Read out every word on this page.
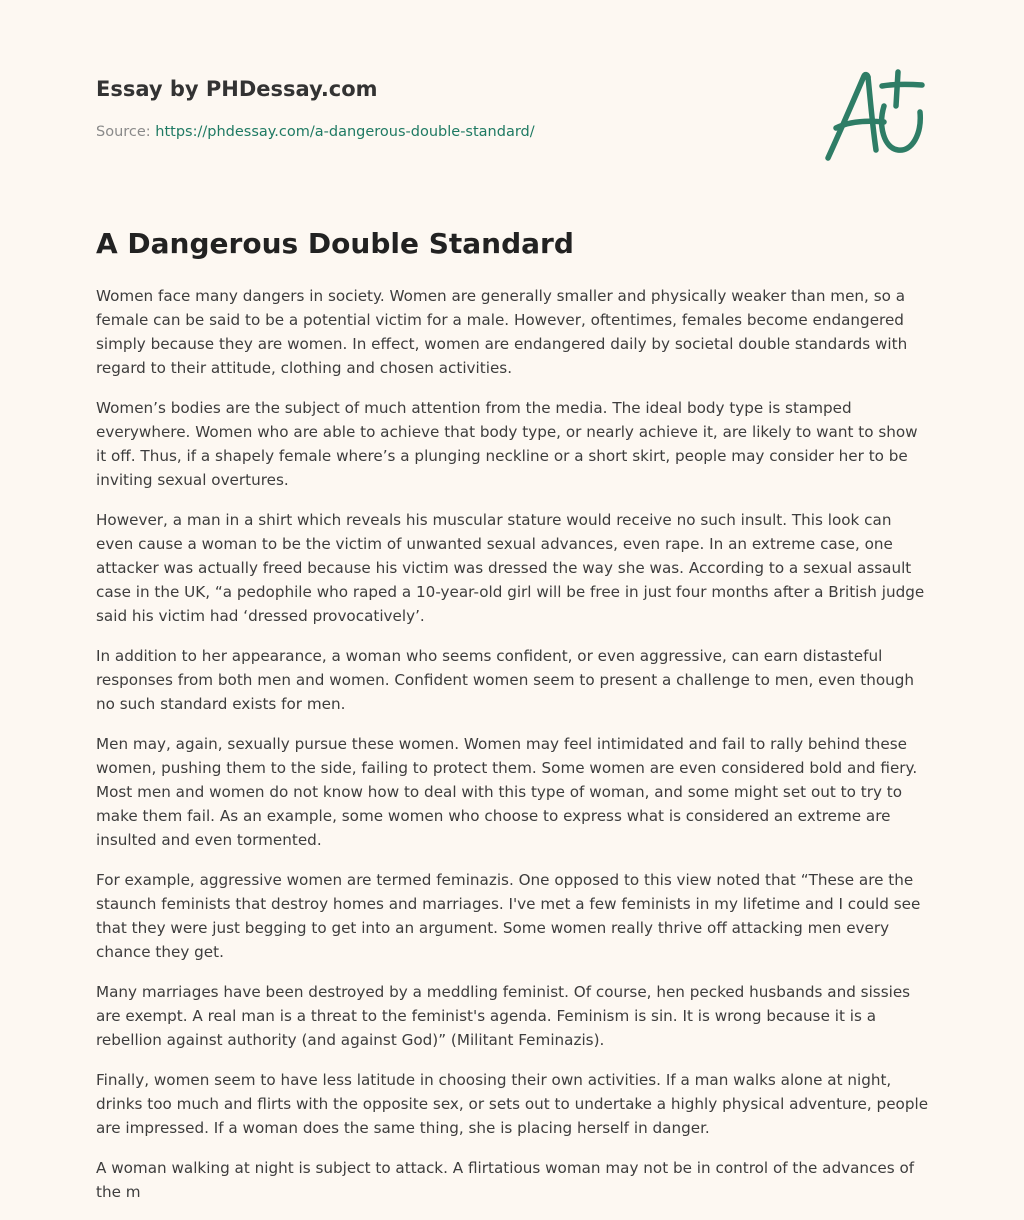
Essay by PHDessay.com
Source: https://phdessay.com/a-dangerous-double-standard/
A Dangerous Double Standard

Women face many dangers in society. Women are generally smaller and physically weaker than men, so a female can be said to be a potential victim for a male. However, oftentimes, females become endangered simply because they are women. In effect, women are endangered daily by societal double standards with regard to their attitude, clothing and chosen activities.

Women’s bodies are the subject of much attention from the media. The ideal body type is stamped everywhere. Women who are able to achieve that body type, or nearly achieve it, are likely to want to show it off. Thus, if a shapely female where’s a plunging neckline or a short skirt, people may consider her to be inviting sexual overtures.

However, a man in a shirt which reveals his muscular stature would receive no such insult. This look can even cause a woman to be the victim of unwanted sexual advances, even rape. In an extreme case, one attacker was actually freed because his victim was dressed the way she was. According to a sexual assault case in the UK, “a pedophile who raped a 10-year-old girl will be free in just four months after a British judge said his victim had ‘dressed provocatively’.

In addition to her appearance, a woman who seems confident, or even aggressive, can earn distasteful responses from both men and women. Confident women seem to present a challenge to men, even though no such standard exists for men.

Men may, again, sexually pursue these women. Women may feel intimidated and fail to rally behind these women, pushing them to the side, failing to protect them. Some women are even considered bold and fiery. Most men and women do not know how to deal with this type of woman, and some might set out to try to make them fail. As an example, some women who choose to express what is considered an extreme are insulted and even tormented.

For example, aggressive women are termed feminazis. One opposed to this view noted that “These are the staunch feminists that destroy homes and marriages. I've met a few feminists in my lifetime and I could see that they were just begging to get into an argument. Some women really thrive off attacking men every chance they get.

Many marriages have been destroyed by a meddling feminist. Of course, hen pecked husbands and sissies are exempt. A real man is a threat to the feminist's agenda. Feminism is sin. It is wrong because it is a rebellion against authority (and against God)” (Militant Feminazis).

Finally, women seem to have less latitude in choosing their own activities. If a man walks alone at night, drinks too much and flirts with the opposite sex, or sets out to undertake a highly physical adventure, people are impressed. If a woman does the same thing, she is placing herself in danger.

A woman walking at night is subject to attack. A flirtatious woman may not be in control of the advances of the m
